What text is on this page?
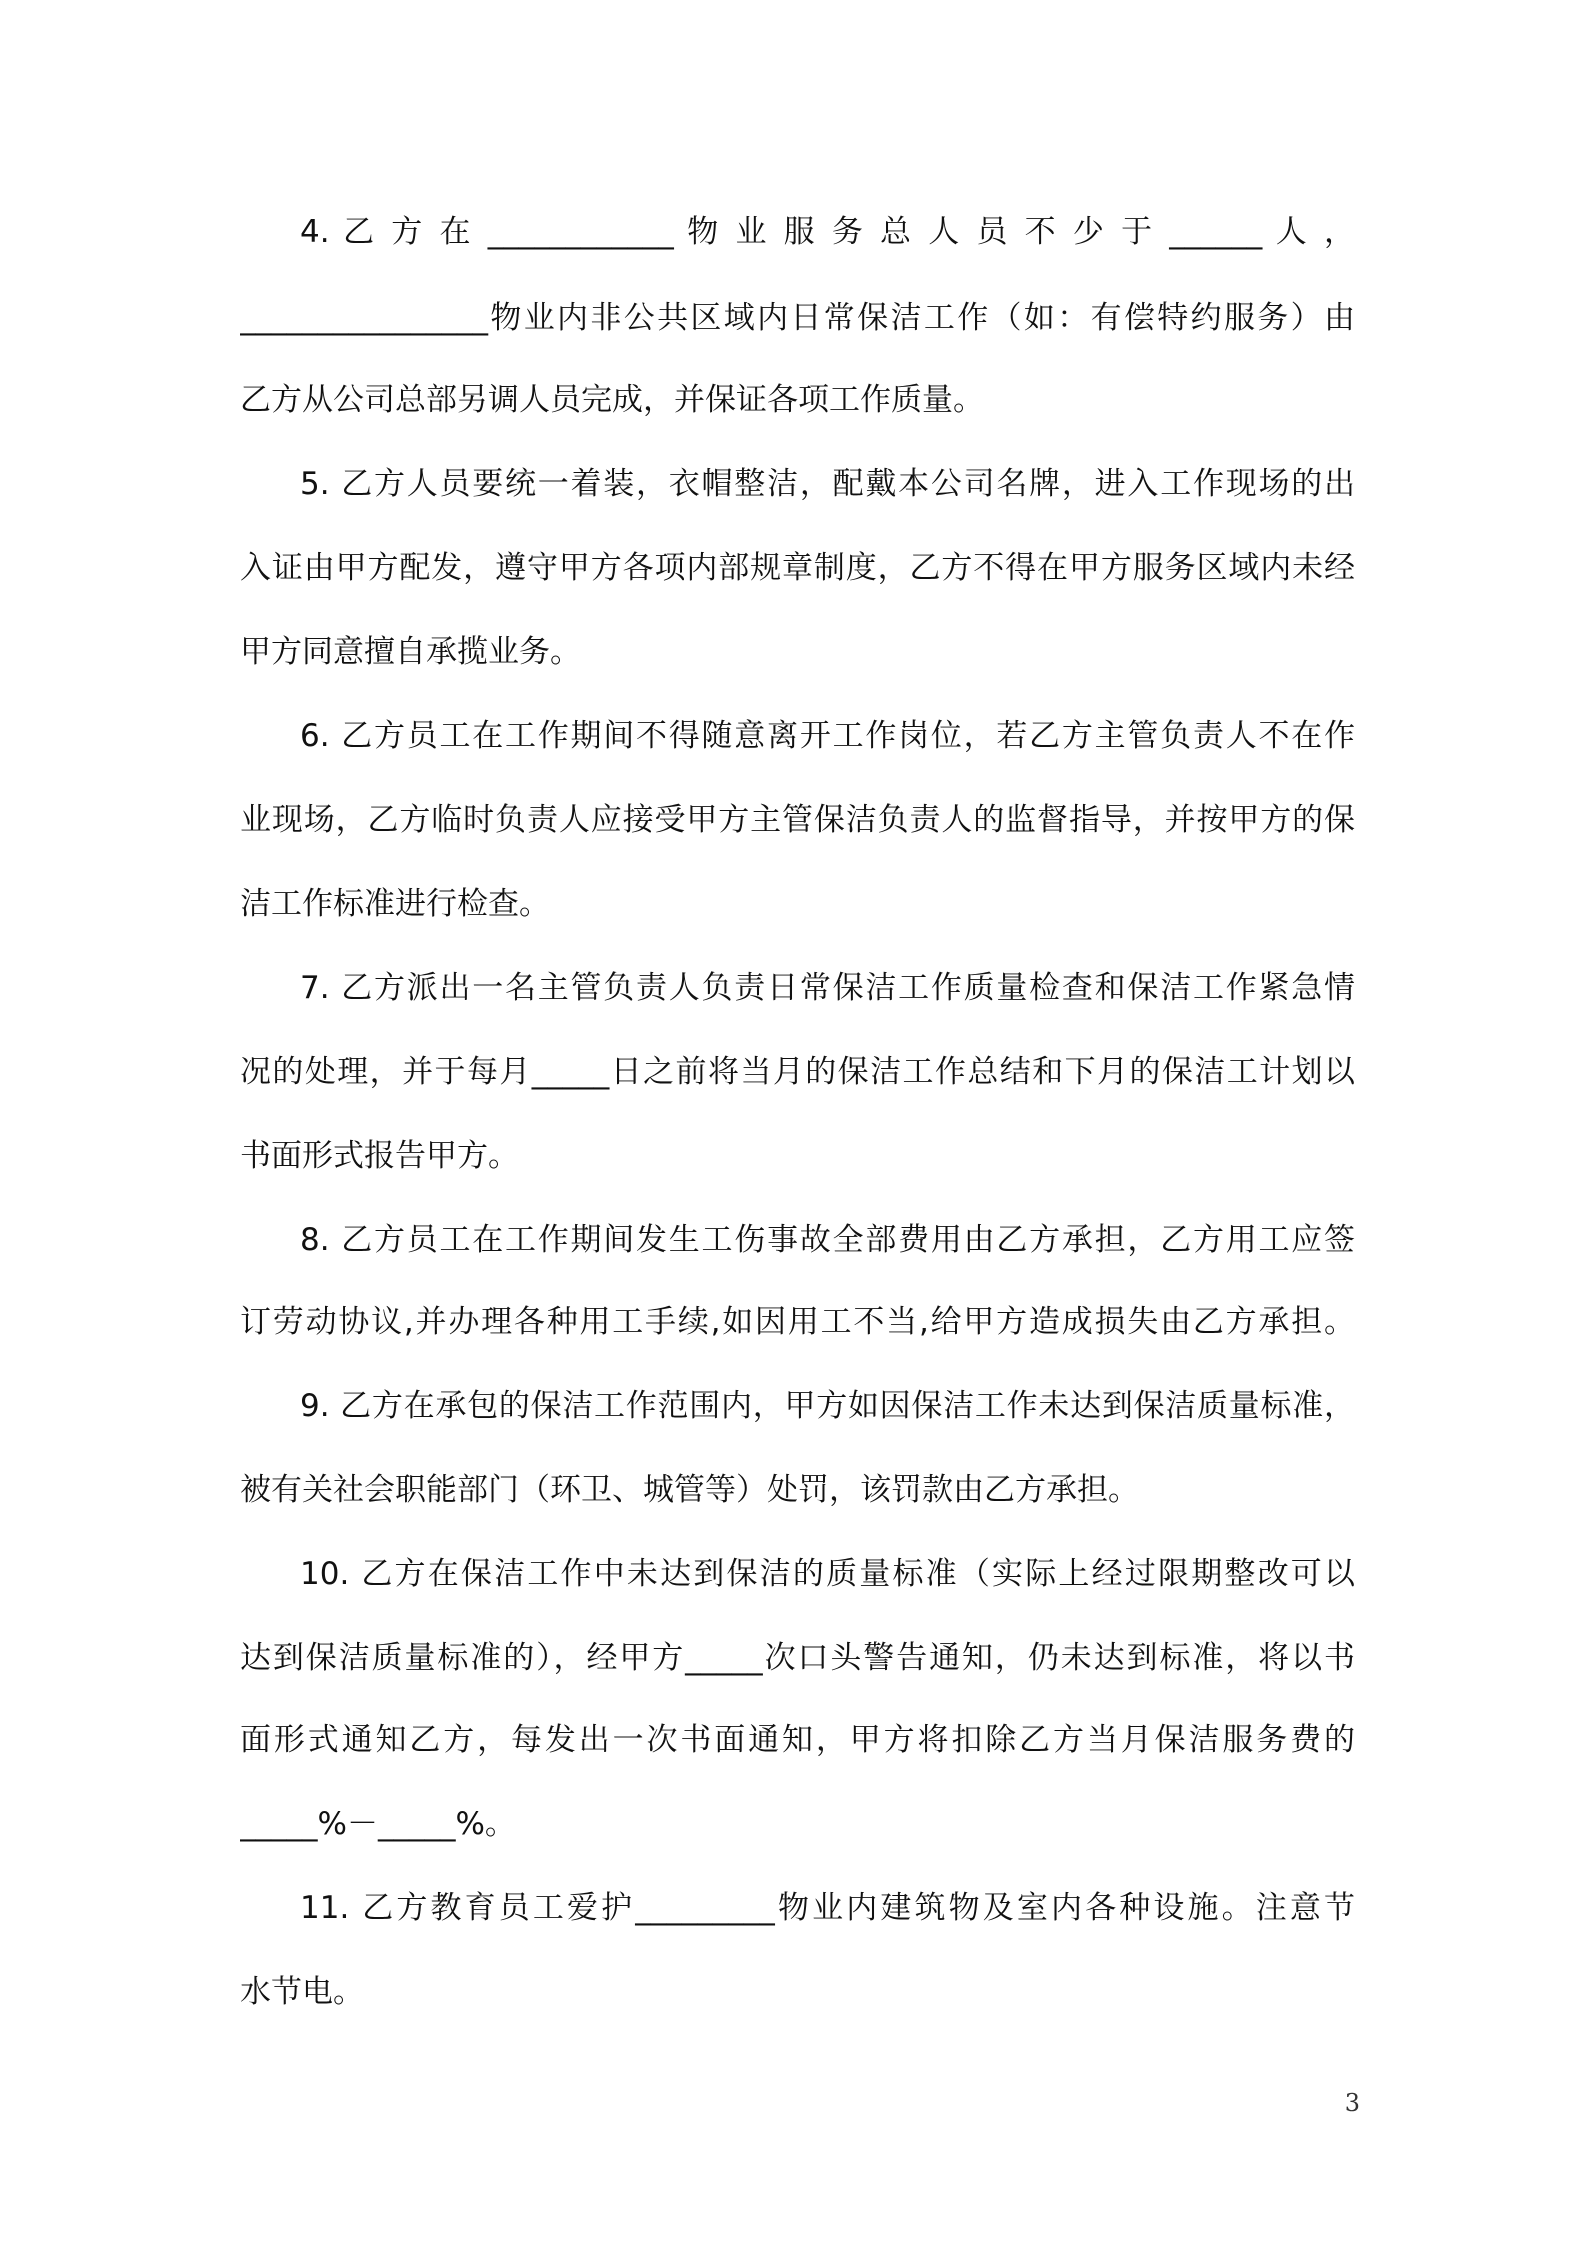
4. 乙 方 在 ____________ 物 业 服 务 总 人 员 不 少 于 ______ 人 ，
________________物业内非公共区域内日常保洁工作（如：有偿特约服务）由
乙方从公司总部另调人员完成，并保证各项工作质量。
5. 乙方人员要统一着装，衣帽整洁，配戴本公司名牌，进入工作现场的出
入证由甲方配发，遵守甲方各项内部规章制度，乙方不得在甲方服务区域内未经
甲方同意擅自承揽业务。
6. 乙方员工在工作期间不得随意离开工作岗位，若乙方主管负责人不在作
业现场，乙方临时负责人应接受甲方主管保洁负责人的监督指导，并按甲方的保
洁工作标准进行检查。
7. 乙方派出一名主管负责人负责日常保洁工作质量检查和保洁工作紧急情
况的处理，并于每月_____日之前将当月的保洁工作总结和下月的保洁工计划以
书面形式报告甲方。
8. 乙方员工在工作期间发生工伤事故全部费用由乙方承担，乙方用工应签
订劳动协议,并办理各种用工手续,如因用工不当,给甲方造成损失由乙方承担。
9. 乙方在承包的保洁工作范围内，甲方如因保洁工作未达到保洁质量标准，
被有关社会职能部门（环卫、城管等）处罚，该罚款由乙方承担。
10. 乙方在保洁工作中未达到保洁的质量标准（实际上经过限期整改可以
达到保洁质量标准的），经甲方_____次口头警告通知，仍未达到标准，将以书
面形式通知乙方，每发出一次书面通知，甲方将扣除乙方当月保洁服务费的
_____%－_____%。
11. 乙方教育员工爱护_________物业内建筑物及室内各种设施。注意节
水节电。
3
